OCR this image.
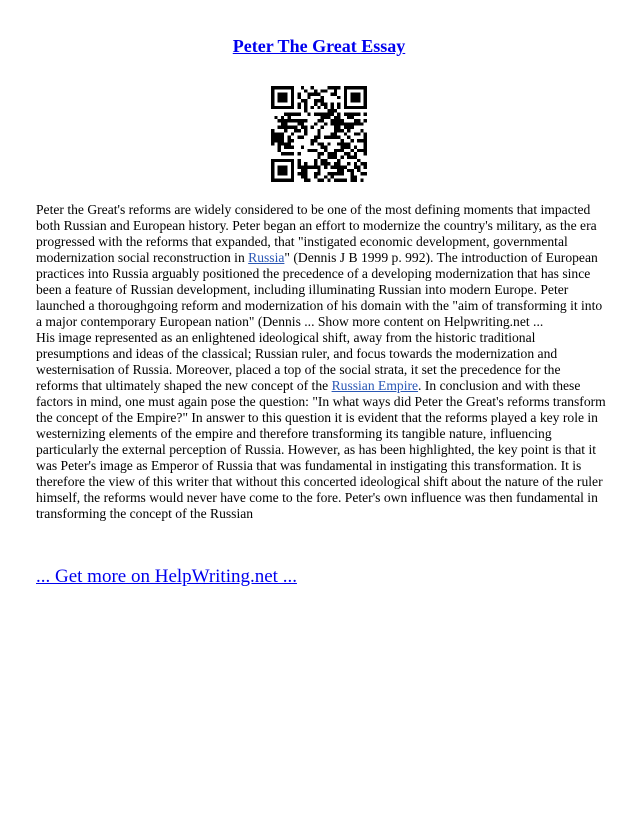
Peter The Great Essay

Peter the Great's reforms are widely considered to be one of the most defining moments that impacted both Russian and European history. Peter began an effort to modernize the country's military, as the era progressed with the reforms that expanded, that "instigated economic development, governmental modernization social reconstruction in Russia" (Dennis J B 1999 p. 992). The introduction of European practices into Russia arguably positioned the precedence of a developing modernization that has since been a feature of Russian development, including illuminating Russian into modern Europe. Peter launched a thoroughgoing reform and modernization of his domain with the "aim of transforming it into a major contemporary European nation" (Dennis ... Show more content on Helpwriting.net ...

His image represented as an enlightened ideological shift, away from the historic traditional presumptions and ideas of the classical; Russian ruler, and focus towards the modernization and westernisation of Russia. Moreover, placed a top of the social strata, it set the precedence for the reforms that ultimately shaped the new concept of the Russian Empire. In conclusion and with these factors in mind, one must again pose the question: "In what ways did Peter the Great's reforms transform the concept of the Empire?" In answer to this question it is evident that the reforms played a key role in westernizing elements of the empire and therefore transforming its tangible nature, influencing particularly the external perception of Russia. However, as has been highlighted, the key point is that it was Peter's image as Emperor of Russia that was fundamental in instigating this transformation. It is therefore the view of this writer that without this concerted ideological shift about the nature of the ruler himself, the reforms would never have come to the fore. Peter's own influence was then fundamental in transforming the concept of the Russian

... Get more on HelpWriting.net ...
